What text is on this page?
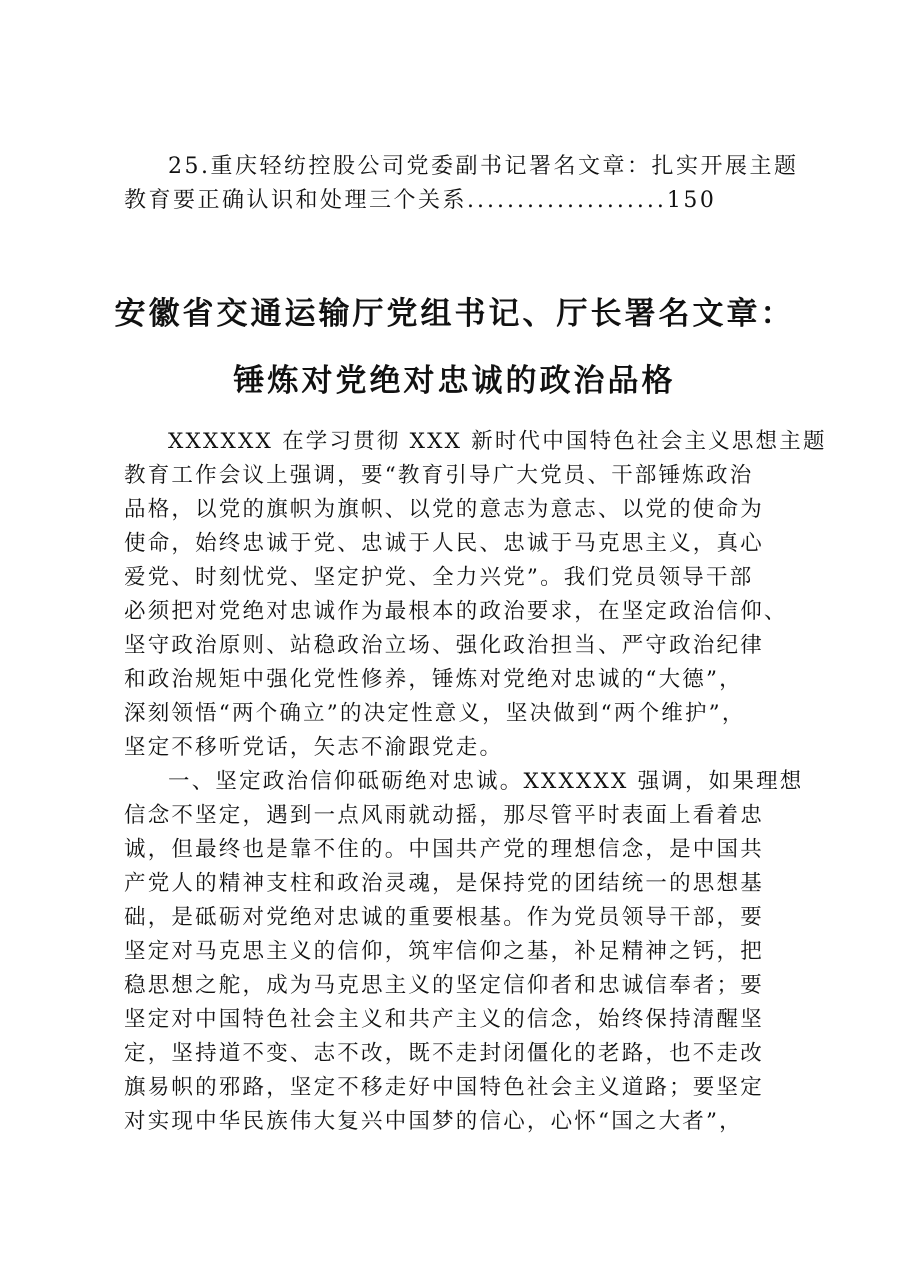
25.重庆轻纺控股公司党委副书记署名文章：扎实开展主题
教育要正确认识和处理三个关系....................150
安徽省交通运输厅党组书记、厅长署名文章：
锤炼对党绝对忠诚的政治品格
XXXXXX 在学习贯彻 XXX 新时代中国特色社会主义思想主题
教育工作会议上强调，要“教育引导广大党员、干部锤炼政治
品格，以党的旗帜为旗帜、以党的意志为意志、以党的使命为
使命，始终忠诚于党、忠诚于人民、忠诚于马克思主义，真心
爱党、时刻忧党、坚定护党、全力兴党”。我们党员领导干部
必须把对党绝对忠诚作为最根本的政治要求，在坚定政治信仰、
坚守政治原则、站稳政治立场、强化政治担当、严守政治纪律
和政治规矩中强化党性修养，锤炼对党绝对忠诚的“大德”，
深刻领悟“两个确立”的决定性意义，坚决做到“两个维护”，
坚定不移听党话，矢志不渝跟党走。
一、坚定政治信仰砥砺绝对忠诚。XXXXXX 强调，如果理想
信念不坚定，遇到一点风雨就动摇，那尽管平时表面上看着忠
诚，但最终也是靠不住的。中国共产党的理想信念，是中国共
产党人的精神支柱和政治灵魂，是保持党的团结统一的思想基
础，是砥砺对党绝对忠诚的重要根基。作为党员领导干部，要
坚定对马克思主义的信仰，筑牢信仰之基，补足精神之钙，把
稳思想之舵，成为马克思主义的坚定信仰者和忠诚信奉者；要
坚定对中国特色社会主义和共产主义的信念，始终保持清醒坚
定，坚持道不变、志不改，既不走封闭僵化的老路，也不走改
旗易帜的邪路，坚定不移走好中国特色社会主义道路；要坚定
对实现中华民族伟大复兴中国梦的信心，心怀“国之大者”，
